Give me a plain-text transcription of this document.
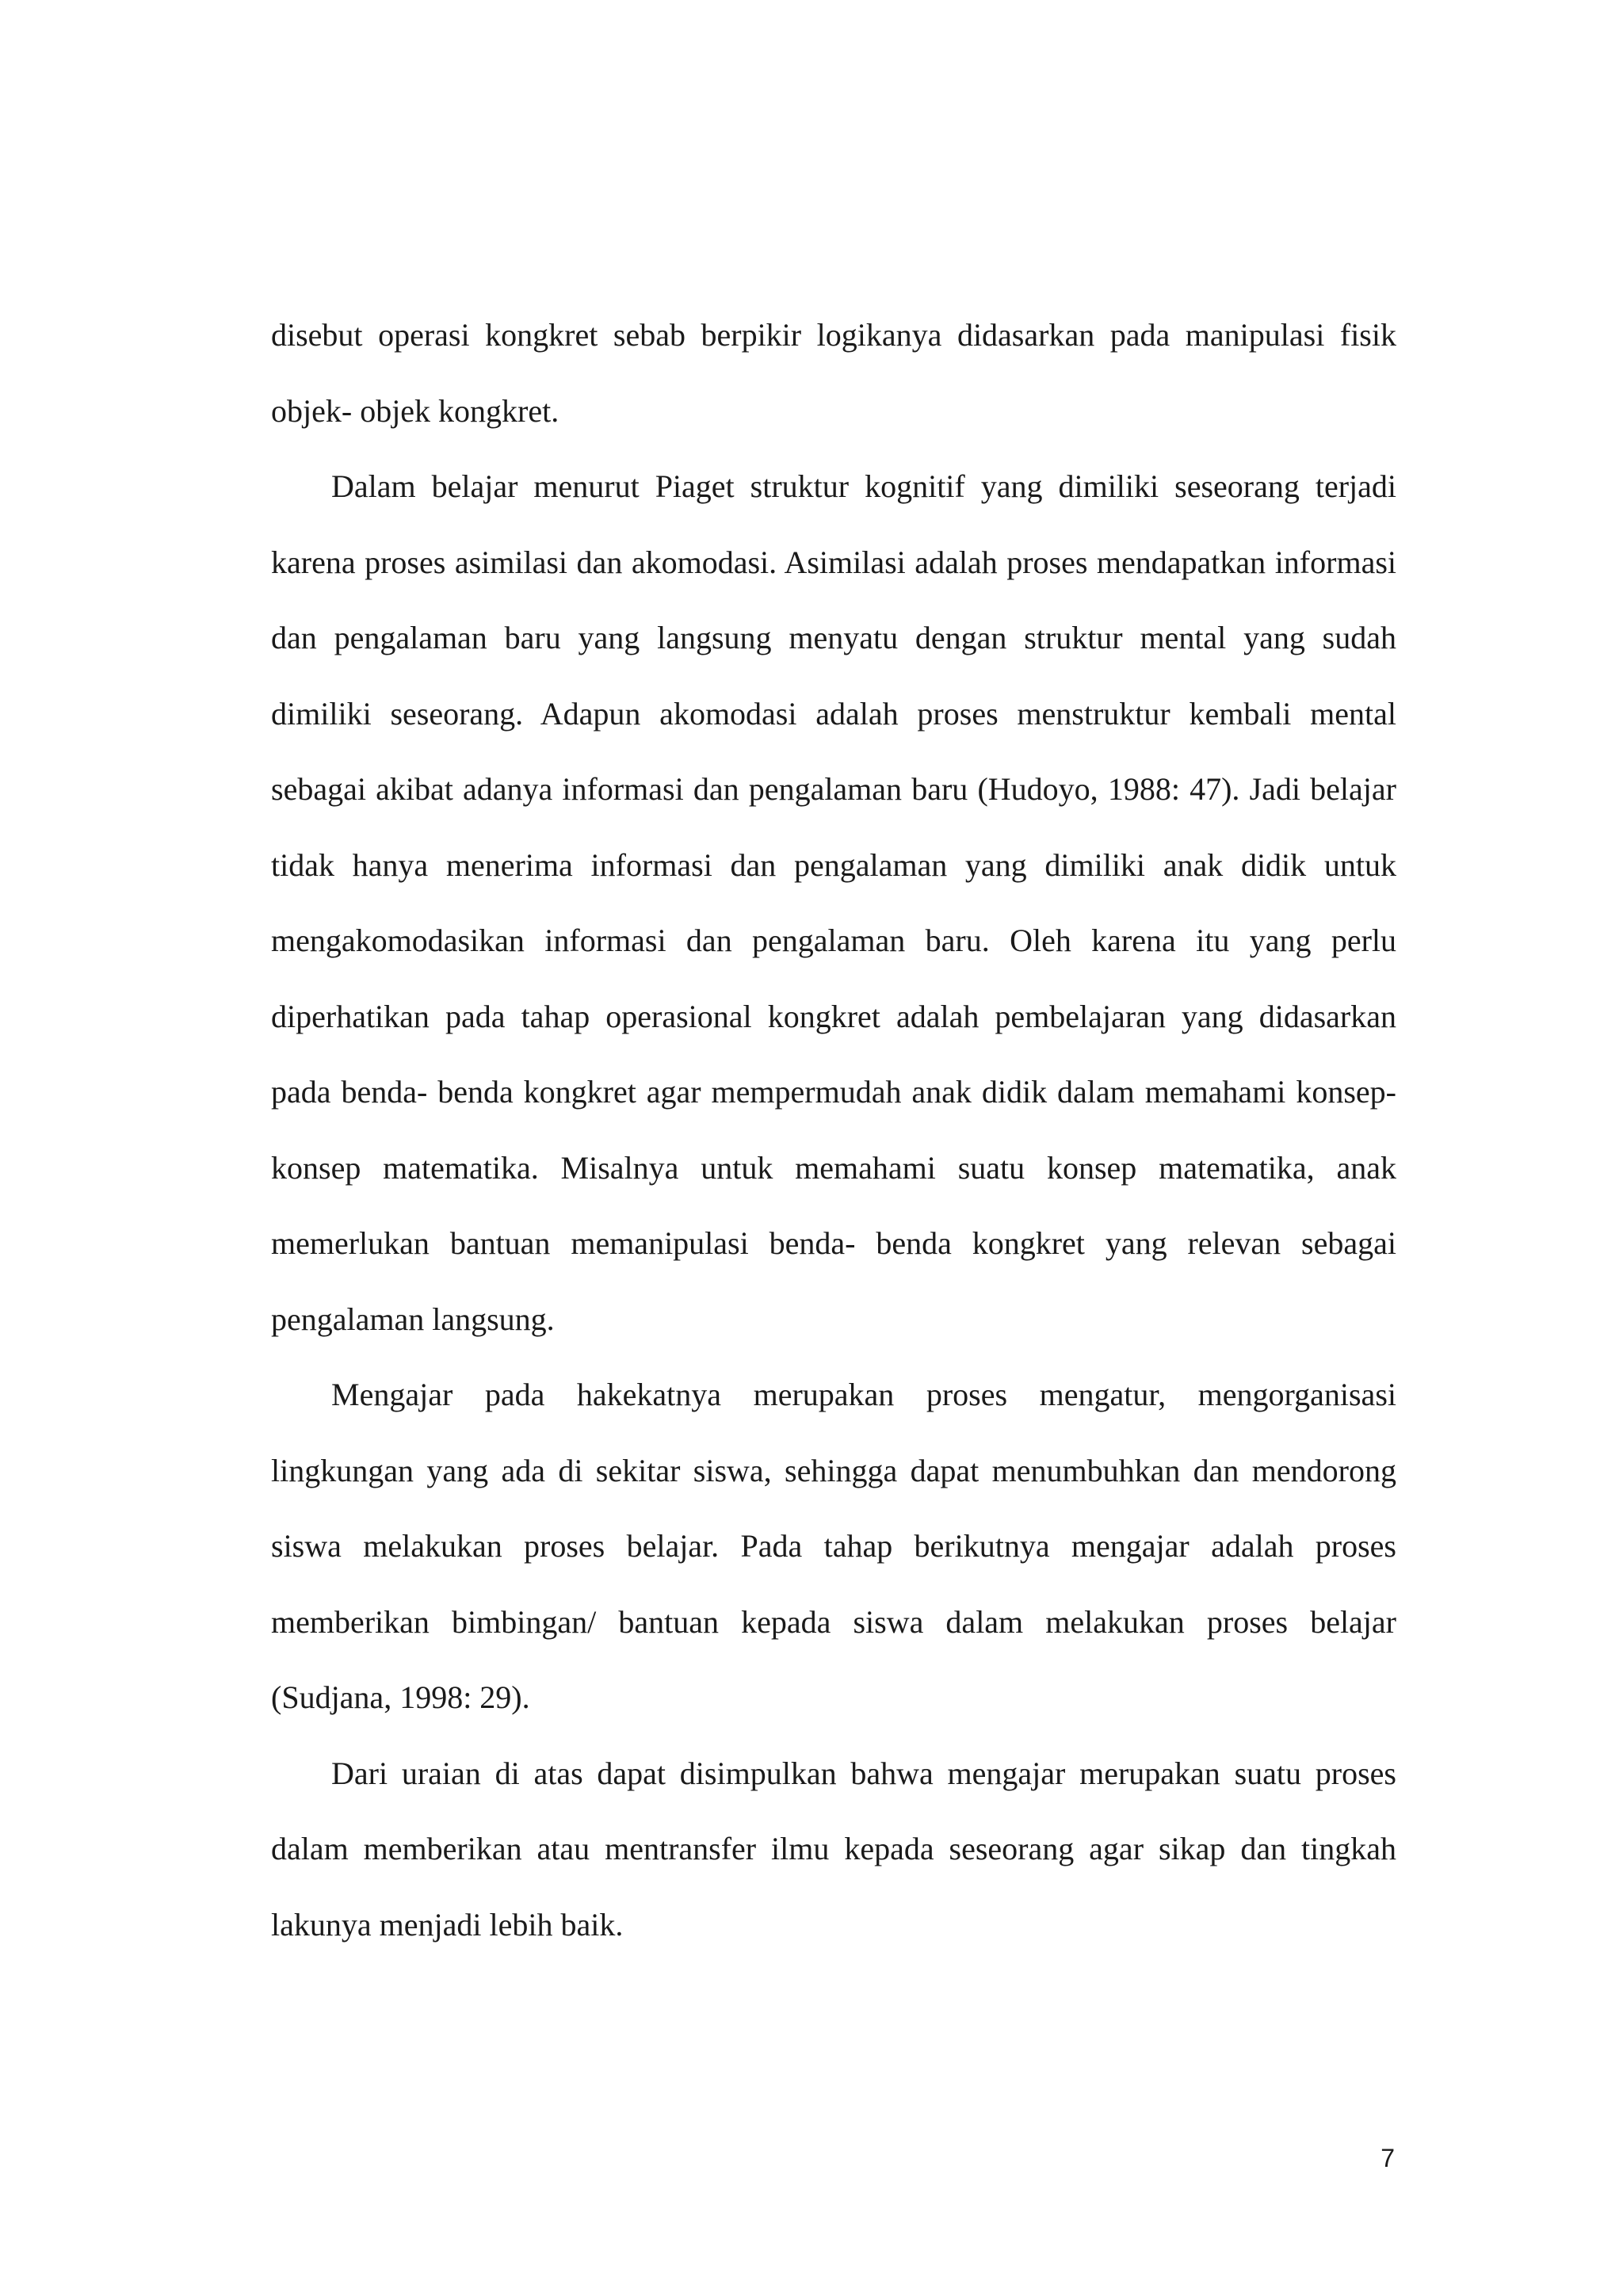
disebut operasi kongkret sebab berpikir logikanya didasarkan pada manipulasi fisik objek- objek kongkret.

Dalam belajar menurut Piaget struktur kognitif yang dimiliki seseorang terjadi karena proses asimilasi dan akomodasi. Asimilasi adalah proses mendapatkan informasi dan pengalaman baru yang langsung menyatu dengan struktur mental yang sudah dimiliki seseorang. Adapun akomodasi adalah proses menstruktur kembali mental sebagai akibat adanya informasi dan pengalaman baru (Hudoyo, 1988: 47). Jadi belajar tidak hanya menerima informasi dan pengalaman yang dimiliki anak didik untuk mengakomodasikan informasi dan pengalaman baru. Oleh karena itu yang perlu diperhatikan pada tahap operasional kongkret adalah pembelajaran yang didasarkan pada benda- benda kongkret agar mempermudah anak didik dalam memahami konsep- konsep matematika. Misalnya untuk memahami suatu konsep matematika, anak memerlukan bantuan memanipulasi benda- benda kongkret yang relevan sebagai pengalaman langsung.

Mengajar pada hakekatnya merupakan proses mengatur, mengorganisasi lingkungan yang ada di sekitar siswa, sehingga dapat menumbuhkan dan mendorong siswa melakukan proses belajar. Pada tahap berikutnya mengajar adalah proses memberikan bimbingan/ bantuan kepada siswa dalam melakukan proses belajar (Sudjana, 1998: 29).

Dari uraian di atas dapat disimpulkan bahwa mengajar merupakan suatu proses dalam memberikan atau mentransfer ilmu kepada seseorang agar sikap dan tingkah lakunya menjadi lebih baik.

7
